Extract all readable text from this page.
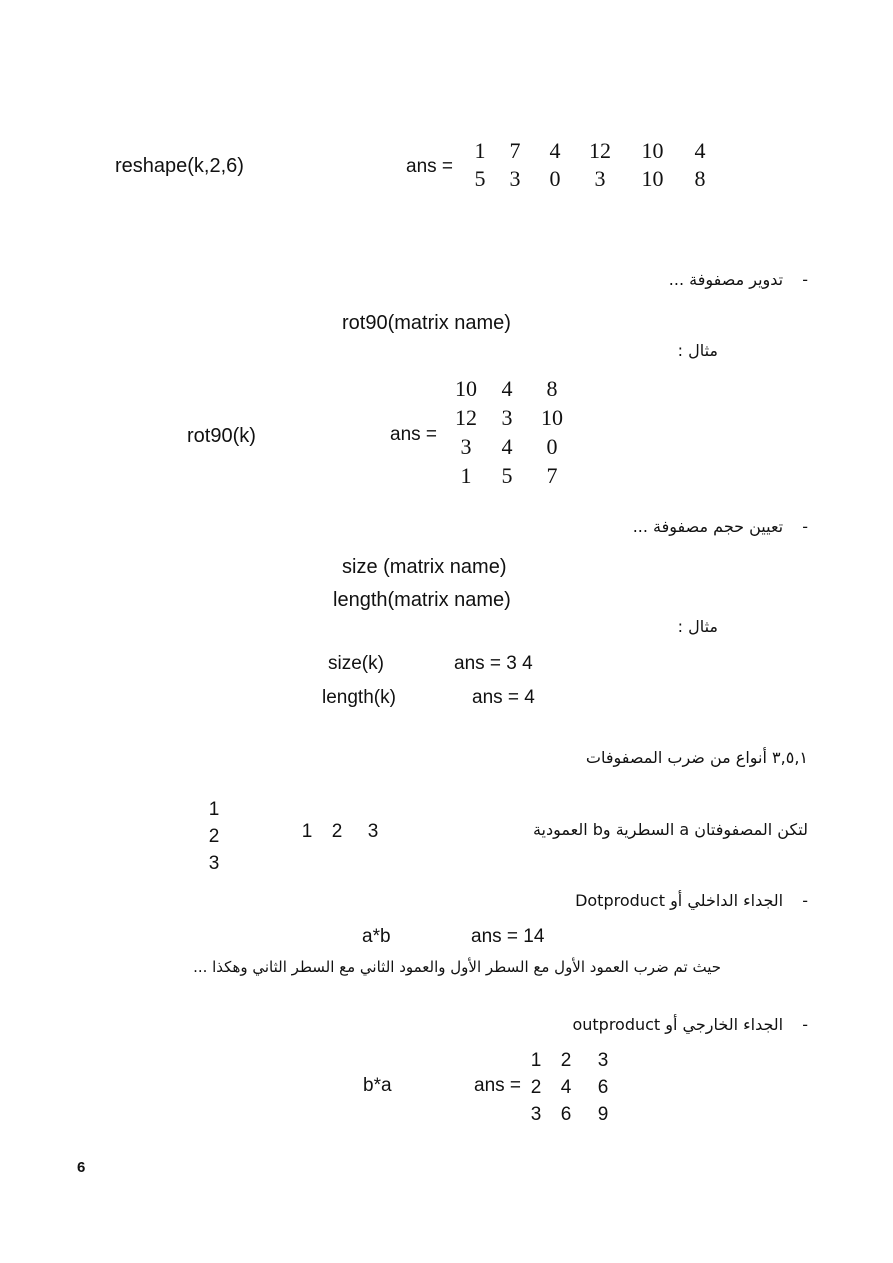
reshape(k,2,6)	ans =
1	7	4	12	10	4
5	3	0	3	10	8
- تدوير مصفوفة ...
rot90(matrix name)
مثال :
rot90(k)	ans =
10	4	8
12	3	10
3	4	0
1	5	7
- تعيين حجم مصفوفة ...
size (matrix name)
length(matrix name)
مثال :
size(k)	ans = 3 4
length(k)	ans = 4
٣,٥,١ أنواع من ضرب المصفوفات
1
2
3
1	2	3	لتكن المصفوفتان a السطرية وb العمودية
- الجداء الداخلي أو Dotproduct
a*b	ans = 14
حيث تم ضرب العمود الأول مع السطر الأول والعمود الثاني مع السطر الثاني وهكذا ...
- الجداء الخارجي أو outproduct
b*a	ans =
1	2	3
2	4	6
3	6	9
6
